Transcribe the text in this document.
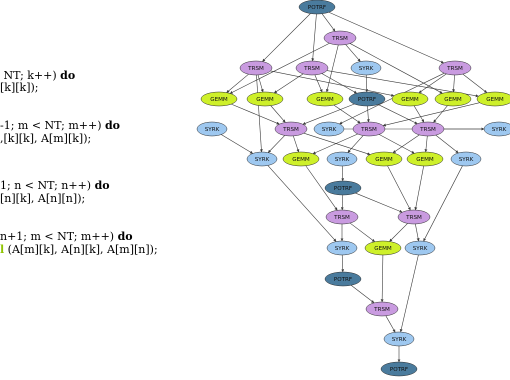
NT; k++) do
[k][k]);
-1; m < NT; m++) do
,[k][k], A[m][k]);
1; n < NT; n++) do
[n][k], A[n][n]);
n+1; m < NT; m++) do
l (A[m][k], A[n][k], A[m][n]);
POTRF
TRSM
TRSM
TRSM	TRSM
SYRK
GEMM	GEMM	GEMM	POTRF	GEMM	GEMM	GEMM
SYRK	TRSM	SYRK	TRSM	TRSM
SYRK	SYRK
GEMM	SYRK
GEMM	GEMM
SYRK
POTRF
TRSM	TRSM
SYRK	GEMM	SYRK
POTRF
TRSM
SYRK
POTRF
